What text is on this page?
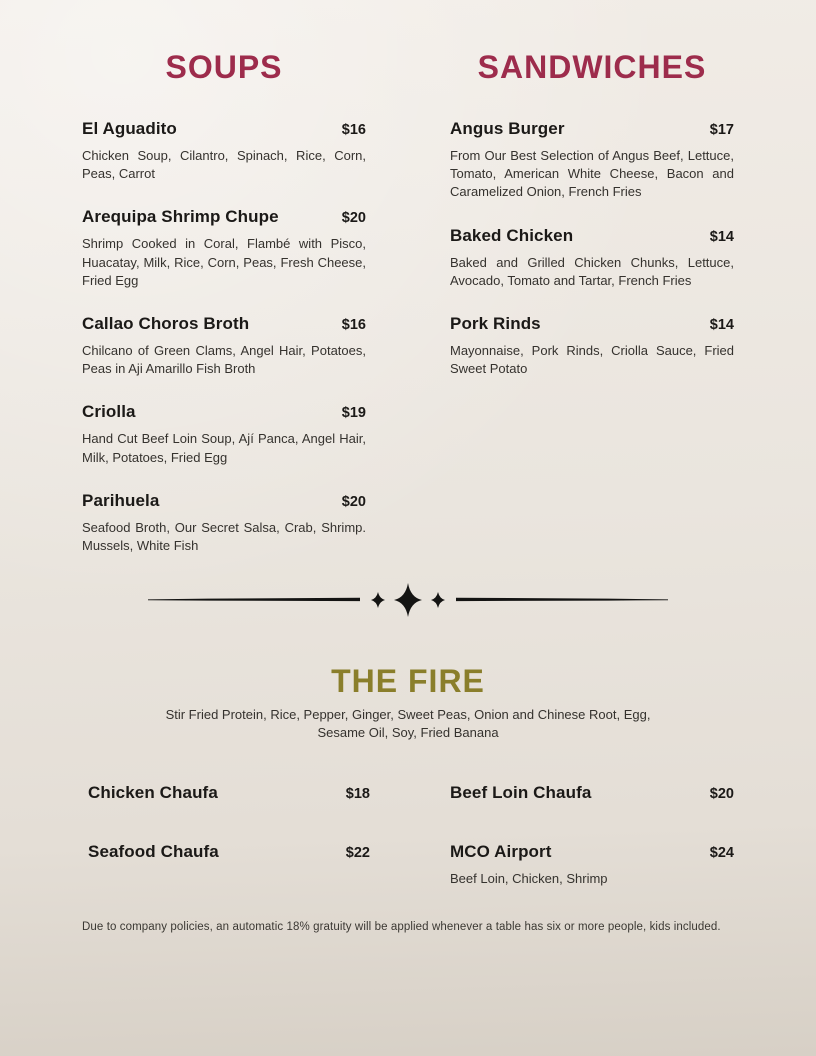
SOUPS
El Aguadito	$16

Chicken Soup, Cilantro, Spinach, Rice, Corn, Peas, Carrot

Arequipa Shrimp Chupe	$20

Shrimp Cooked in Coral, Flambé with Pisco, Huacatay, Milk, Rice, Corn, Peas, Fresh Cheese, Fried Egg

Callao Choros Broth	$16

Chilcano of Green Clams, Angel Hair, Potatoes, Peas in Aji Amarillo Fish Broth

Criolla	$19

Hand Cut Beef Loin Soup, Ají Panca, Angel Hair, Milk, Potatoes, Fried Egg

Parihuela	$20

Seafood Broth, Our Secret Salsa, Crab, Shrimp. Mussels, White Fish

SANDWICHES
Angus Burger	$17

From Our Best Selection of Angus Beef, Lettuce, Tomato, American White Cheese, Bacon and Caramelized Onion, French Fries

Baked Chicken	$14

Baked and Grilled Chicken Chunks, Lettuce, Avocado, Tomato and Tartar, French Fries

Pork Rinds	$14

Mayonnaise, Pork Rinds, Criolla Sauce, Fried Sweet Potato

THE FIRE

Stir Fried Protein, Rice, Pepper, Ginger, Sweet Peas, Onion and Chinese Root, Egg, Sesame Oil, Soy, Fried Banana

Chicken Chaufa	$18
Seafood Chaufa	$22
Beef Loin Chaufa	$20
MCO Airport	$24

Beef Loin, Chicken, Shrimp

Due to company policies, an automatic 18% gratuity will be applied whenever a table has six or more people, kids included.
